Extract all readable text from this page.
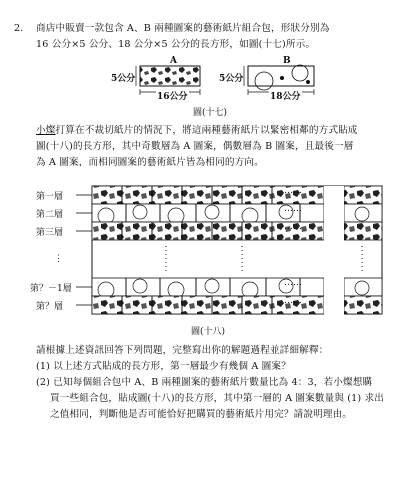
2. 商店中販賣一款包含 A、B 兩種圖案的藝術紙片組合包，形狀分別為
16 公分×5 公分、18 公分×5 公分的長方形，如圖(十七)所示。
A	B
5公分	5公分
16公分	18公分
圖(十七)
小燦打算在不裁切紙片的情況下，將這兩種藝術紙片以緊密相鄰的方式貼成
圖(十八)的長方形，其中奇數層為 A 圖案，偶數層為 B 圖案，且最後一層
為 A 圖案，而相同圖案的藝術紙片皆為相同的方向。
……
……
……
……
……
第一層
第二層
第三層
⋮
第？－1層
第？層
圖(十八)
請根據上述資訊回答下列問題，完整寫出你的解題過程並詳細解釋：
(1) 以上述方式貼成的長方形，第一層最少有幾個 A 圖案？
(2) 已知每個組合包中 A、B 兩種圖案的藝術紙片數量比為 4：3，若小燦想購
買一些組合包，貼成圖(十八)的長方形，其中第一層的 A 圖案數量與 (1) 求出
之值相同，判斷他是否可能恰好把購買的藝術紙片用完？請說明理由。
